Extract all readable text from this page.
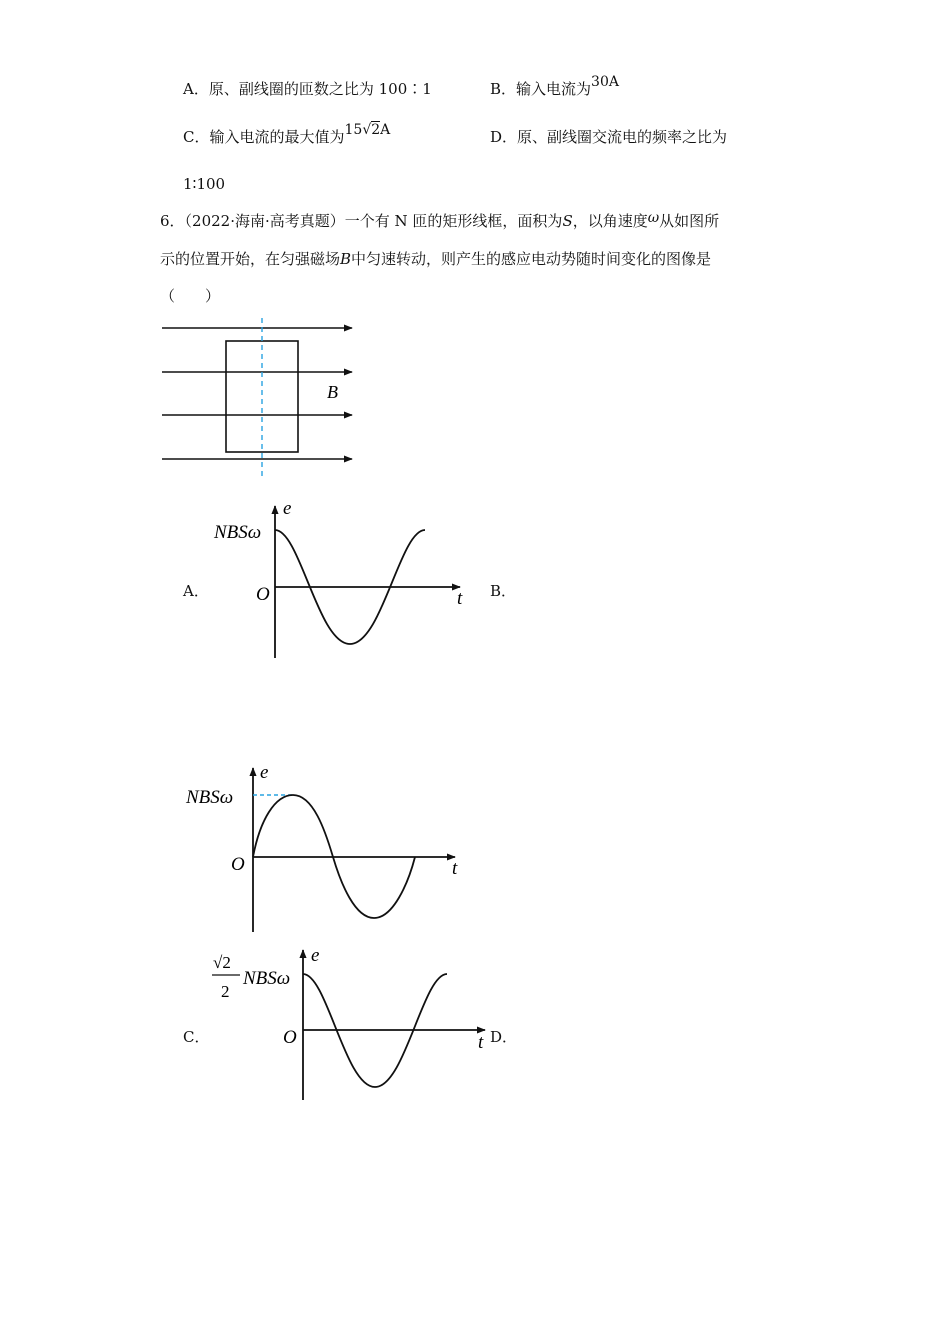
A．原、副线圈的匝数之比为 100∶1	B．输入电流为30A
C．输入电流的最大值为15√2A	D．原、副线圈交流电的频率之比为
1∶100
6．（2022·海南·高考真题）一个有 N 匝的矩形线框，面积为S，以角速度ω从如图所
示的位置开始，在匀强磁场B中匀速转动，则产生的感应电动势随时间变化的图像是
（　　）
B
e
t
O
NBSω
e
t
O
NBSω
e
t
O
√2
2
NBSω
A．	B．
C．	D．
